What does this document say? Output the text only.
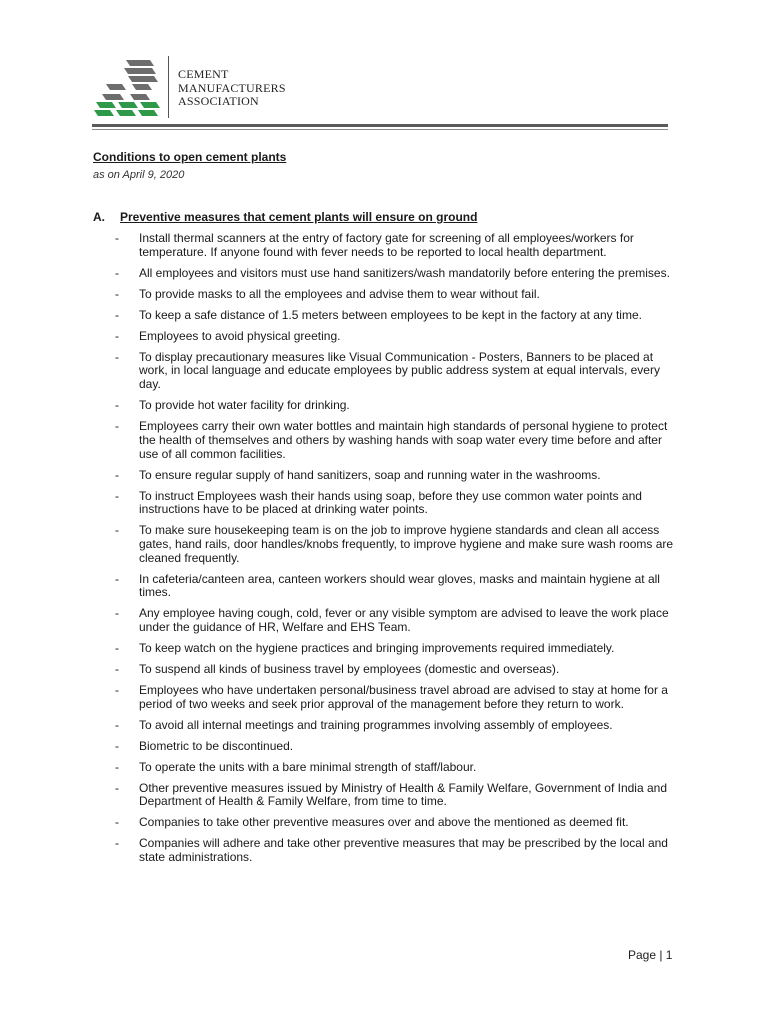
CEMENT
MANUFACTURERS
ASSOCIATION
Conditions to open cement plants
as on April 9, 2020
A. Preventive measures that cement plants will ensure on ground
- Install thermal scanners at the entry of factory gate for screening of all employees/workers for temperature. If anyone found with fever needs to be reported to local health department.
- All employees and visitors must use hand sanitizers/wash mandatorily before entering the premises.
- To provide masks to all the employees and advise them to wear without fail.
- To keep a safe distance of 1.5 meters between employees to be kept in the factory at any time.
- Employees to avoid physical greeting.
- To display precautionary measures like Visual Communication - Posters, Banners to be placed at work, in local language and educate employees by public address system at equal intervals, every day.
- To provide hot water facility for drinking.
- Employees carry their own water bottles and maintain high standards of personal hygiene to protect the health of themselves and others by washing hands with soap water every time before and after use of all common facilities.
- To ensure regular supply of hand sanitizers, soap and running water in the washrooms.
- To instruct Employees wash their hands using soap, before they use common water points and instructions have to be placed at drinking water points.
- To make sure housekeeping team is on the job to improve hygiene standards and clean all access gates, hand rails, door handles/knobs frequently, to improve hygiene and make sure wash rooms are cleaned frequently.
- In cafeteria/canteen area, canteen workers should wear gloves, masks and maintain hygiene at all times.
- Any employee having cough, cold, fever or any visible symptom are advised to leave the work place under the guidance of HR, Welfare and EHS Team.
- To keep watch on the hygiene practices and bringing improvements required immediately.
- To suspend all kinds of business travel by employees (domestic and overseas).
- Employees who have undertaken personal/business travel abroad are advised to stay at home for a period of two weeks and seek prior approval of the management before they return to work.
- To avoid all internal meetings and training programmes involving assembly of employees.
- Biometric to be discontinued.
- To operate the units with a bare minimal strength of staff/labour.
- Other preventive measures issued by Ministry of Health & Family Welfare, Government of India and Department of Health & Family Welfare, from time to time.
- Companies to take other preventive measures over and above the mentioned as deemed fit.
- Companies will adhere and take other preventive measures that may be prescribed by the local and state administrations.
Page | 1
